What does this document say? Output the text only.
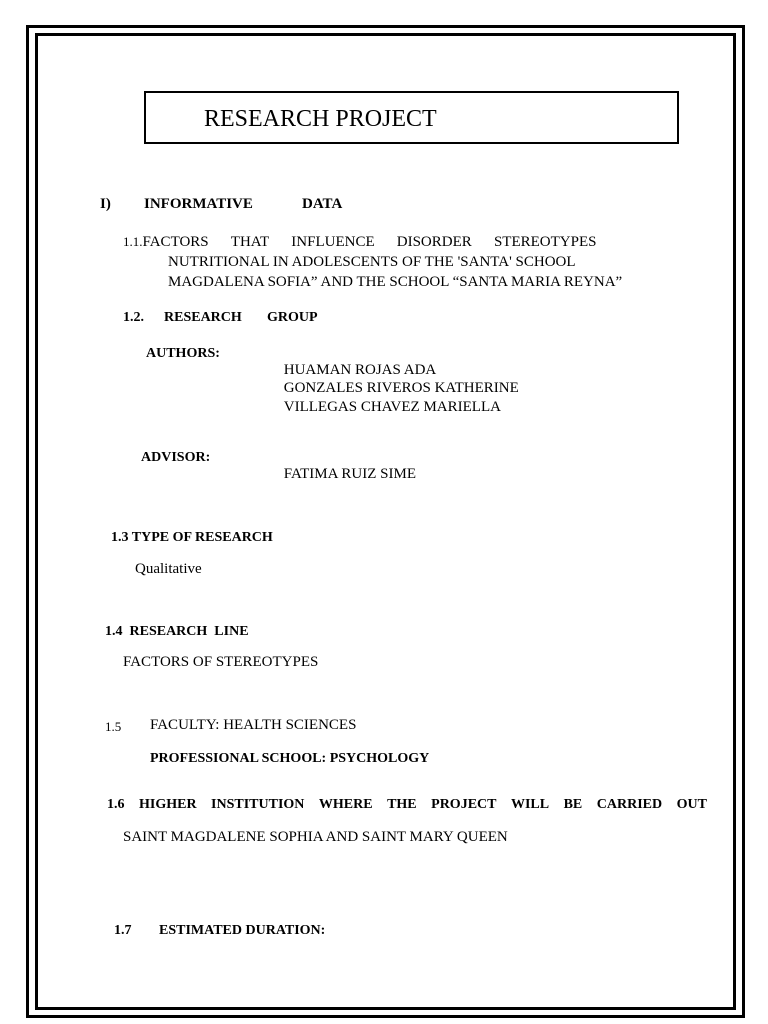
RESEARCH PROJECT
I) INFORMATIVE	DATA
1.1. FACTORS THAT INFLUENCE DISORDER STEREOTYPES
NUTRITIONAL IN ADOLESCENTS OF THE 'SANTA' SCHOOL
MAGDALENA SOFIA” AND THE SCHOOL “SANTA MARIA REYNA”
1.2. RESEARCH GROUP
AUTHORS:
HUAMAN ROJAS ADA
GONZALES RIVEROS KATHERINE
VILLEGAS CHAVEZ MARIELLA
ADVISOR:
FATIMA RUIZ SIME
1.3 TYPE OF RESEARCH
Qualitative
1.4  RESEARCH  LINE
FACTORS OF STEREOTYPES
1.5 FACULTY: HEALTH SCIENCES
PROFESSIONAL SCHOOL: PSYCHOLOGY
1.6 HIGHER INSTITUTION WHERE THE PROJECT WILL BE CARRIED OUT
SAINT MAGDALENE SOPHIA AND SAINT MARY QUEEN
1.7 ESTIMATED DURATION:
